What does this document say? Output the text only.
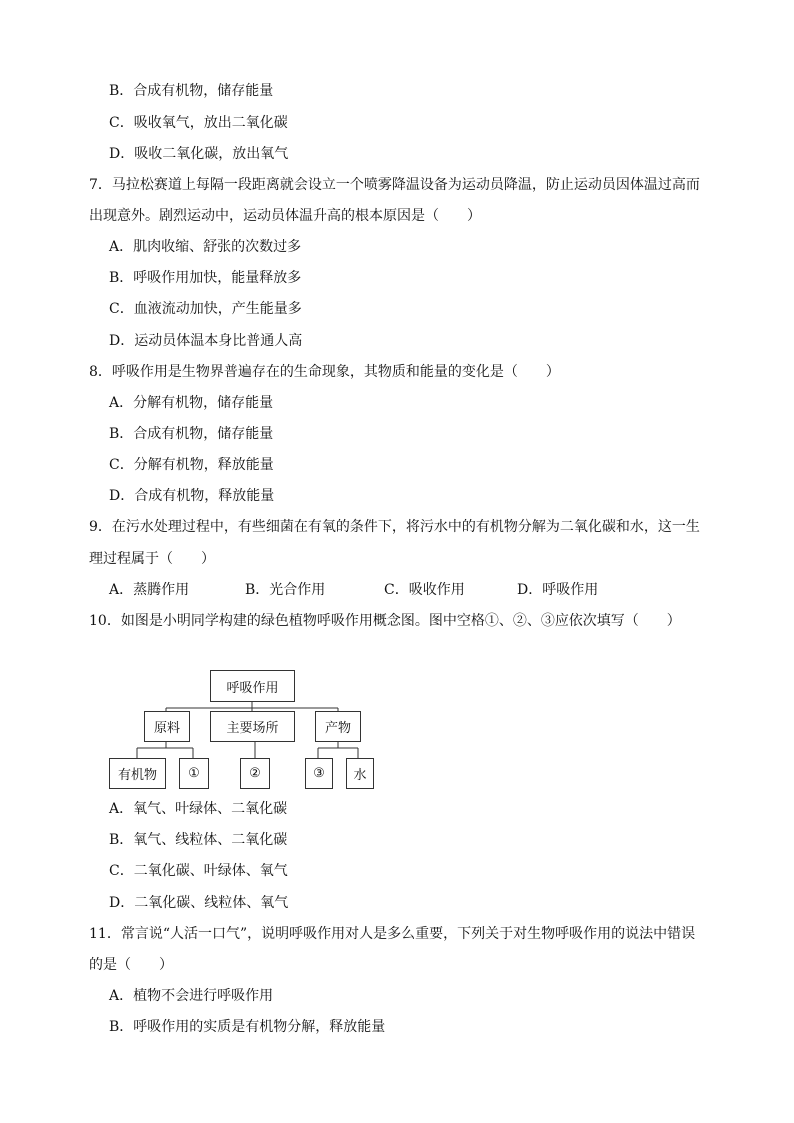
B．合成有机物，储存能量
C．吸收氧气，放出二氧化碳
D．吸收二氧化碳，放出氧气
7．马拉松赛道上每隔一段距离就会设立一个喷雾降温设备为运动员降温，防止运动员因体温过高而
出现意外。剧烈运动中，运动员体温升高的根本原因是（　　）
A．肌肉收缩、舒张的次数过多
B．呼吸作用加快，能量释放多
C．血液流动加快，产生能量多
D．运动员体温本身比普通人高
8．呼吸作用是生物界普遍存在的生命现象，其物质和能量的变化是（　　）
A．分解有机物，储存能量
B．合成有机物，储存能量
C．分解有机物，释放能量
D．合成有机物，释放能量
9．在污水处理过程中，有些细菌在有氧的条件下，将污水中的有机物分解为二氧化碳和水，这一生
理过程属于（　　）
A．蒸腾作用	B．光合作用	C．吸收作用	D．呼吸作用
10．如图是小明同学构建的绿色植物呼吸作用概念图。图中空格①、②、③应依次填写（　　）
呼吸作用
原料	主要场所	产物
有机物	①	②	③	水
A．氧气、叶绿体、二氧化碳
B．氧气、线粒体、二氧化碳
C．二氧化碳、叶绿体、氧气
D．二氧化碳、线粒体、氧气
11．常言说“人活一口气”，说明呼吸作用对人是多么重要，下列关于对生物呼吸作用的说法中错误
的是（　　）
A．植物不会进行呼吸作用
B．呼吸作用的实质是有机物分解，释放能量
